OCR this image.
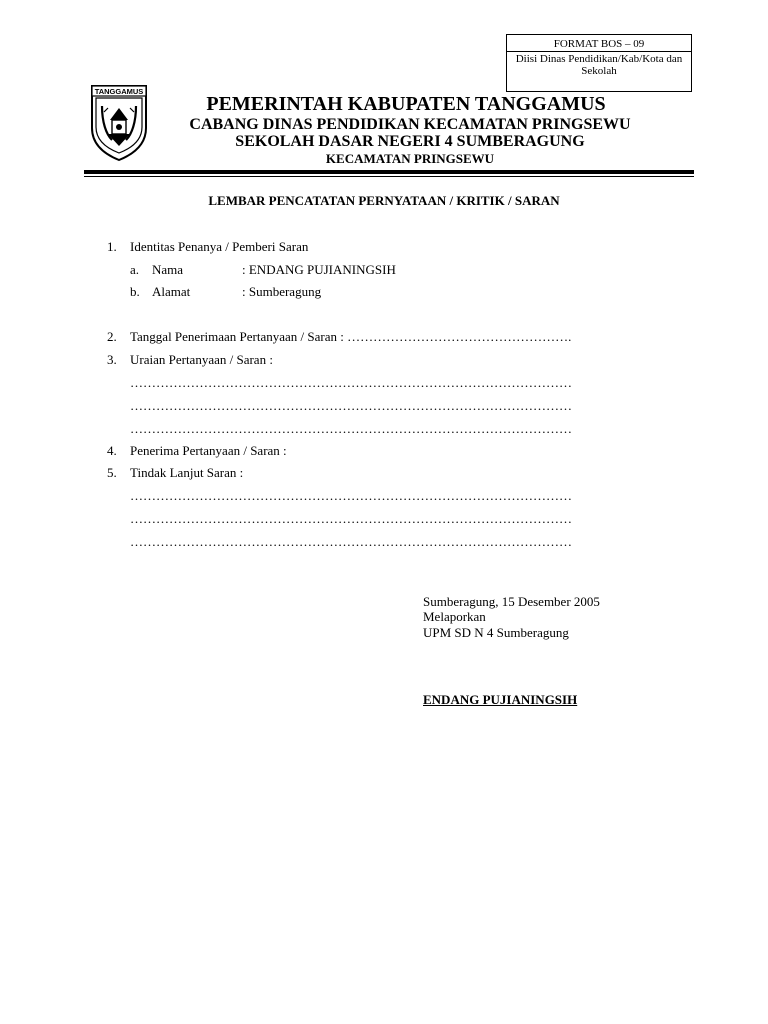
FORMAT BOS – 09
Diisi Dinas Pendidikan/Kab/Kota dan Sekolah
TANGGAMUS
PEMERINTAH KABUPATEN TANGGAMUS
CABANG DINAS PENDIDIKAN KECAMATAN PRINGSEWU
SEKOLAH DASAR NEGERI 4 SUMBERAGUNG
KECAMATAN PRINGSEWU
LEMBAR PENCATATAN PERNYATAAN / KRITIK / SARAN
1. Identitas Penanya / Pemberi Saran
a. Nama	: ENDANG PUJIANINGSIH
b. Alamat	: Sumberagung
2. Tanggal Penerimaan Pertanyaan / Saran : …………………………………………….
3. Uraian Pertanyaan / Saran :
…………………………………………………………………………………………
…………………………………………………………………………………………
…………………………………………………………………………………………
4. Penerima Pertanyaan / Saran :
5. Tindak Lanjut Saran :
…………………………………………………………………………………………
…………………………………………………………………………………………
…………………………………………………………………………………………
Sumberagung, 15 Desember 2005
Melaporkan
UPM SD N 4 Sumberagung
ENDANG PUJIANINGSIH
